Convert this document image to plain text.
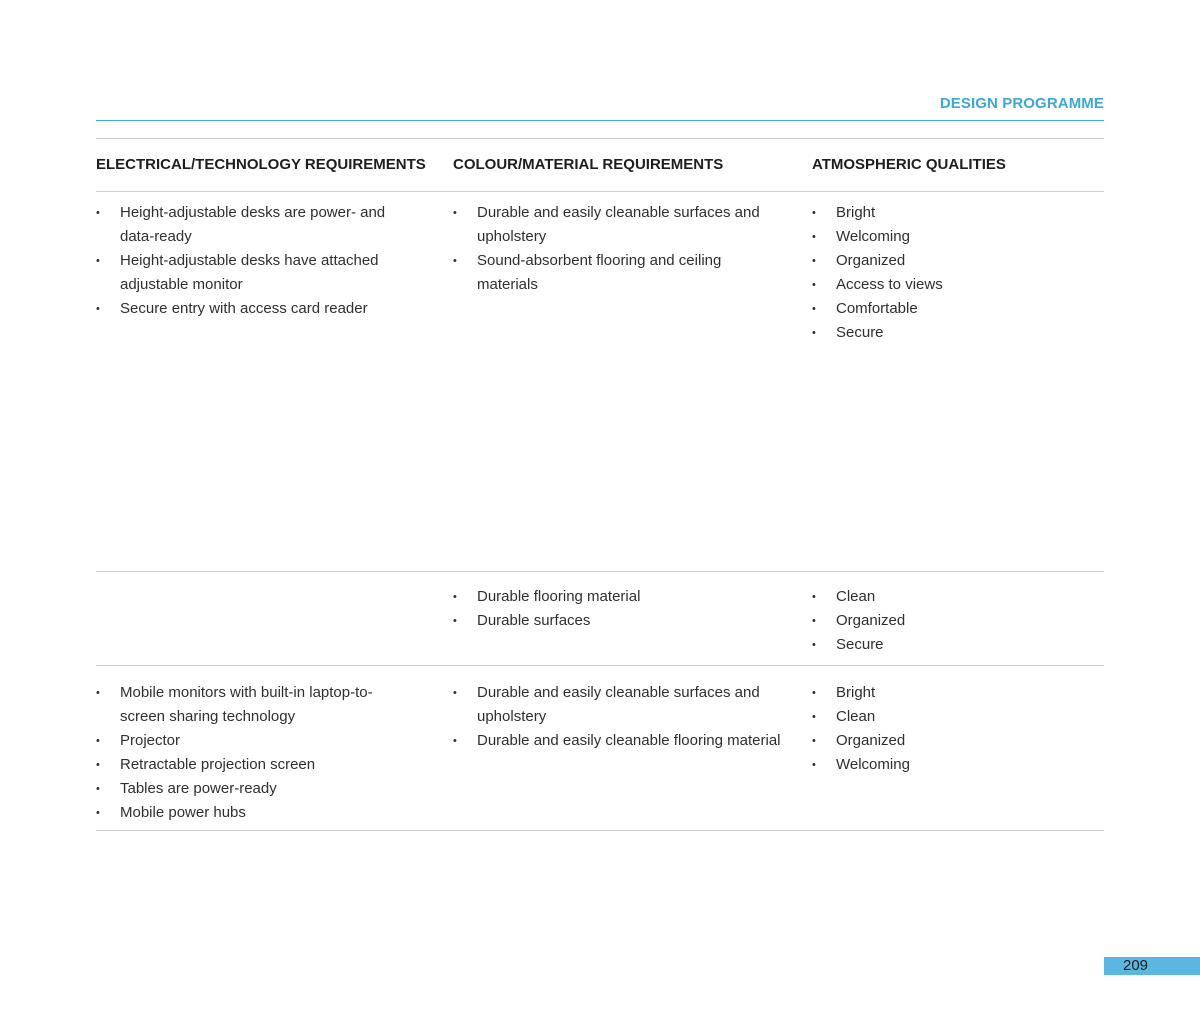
DESIGN PROGRAMME
ELECTRICAL/TECHNOLOGY REQUIREMENTS COLOUR/MATERIAL REQUIREMENTS	ATMOSPHERIC QUALITIES
• Height-adjustable desks are power- and data-ready
• Height-adjustable desks have attached adjustable monitor
• Secure entry with access card reader
• Durable and easily cleanable surfaces and upholstery
• Sound-absorbent flooring and ceiling materials
• Bright
• Welcoming
• Organized
• Access to views
• Comfortable
• Secure
• Durable flooring material
• Durable surfaces
• Clean
• Organized
• Secure
• Mobile monitors with built-in laptop-to-screen sharing technology
• Projector
• Retractable projection screen
• Tables are power-ready
• Mobile power hubs
• Durable and easily cleanable surfaces and upholstery
• Durable and easily cleanable flooring material
• Bright
• Clean
• Organized
• Welcoming
209
